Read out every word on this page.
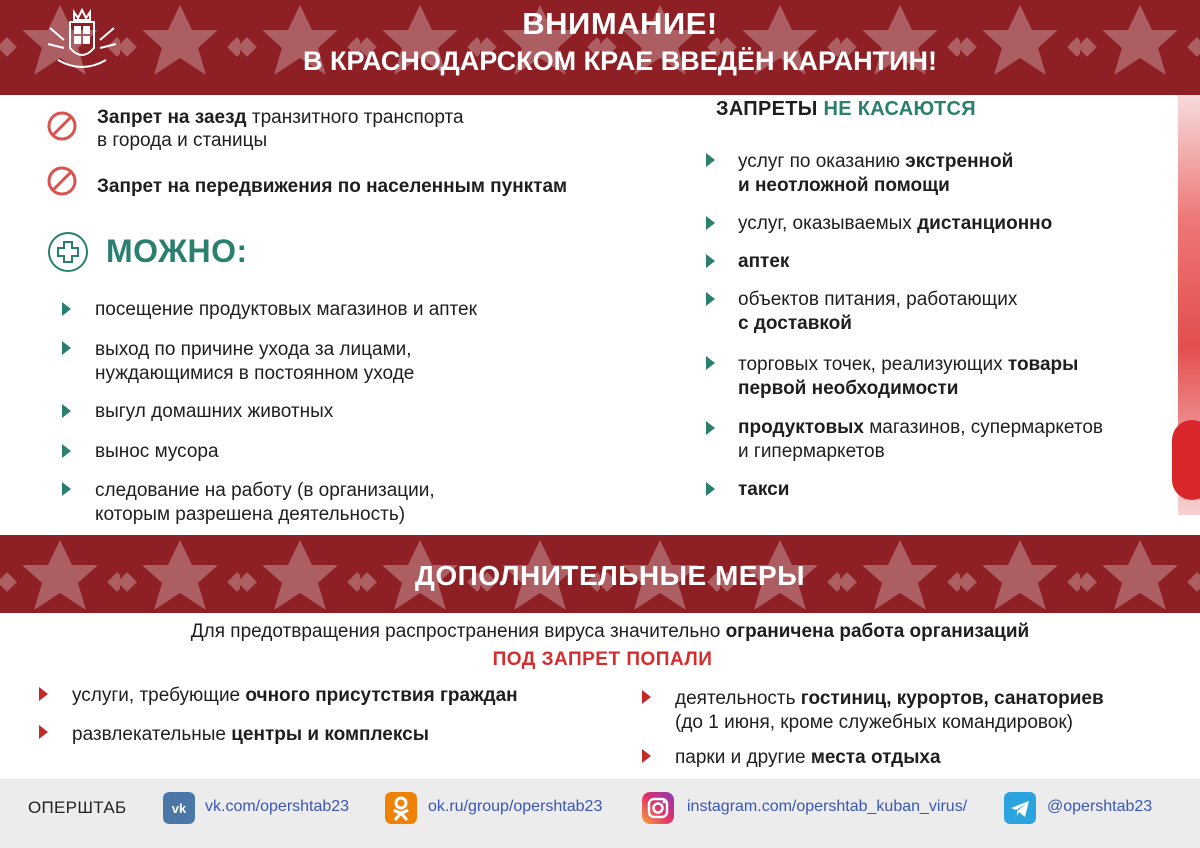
ВНИМАНИЕ!
В КРАСНОДАРСКОМ КРАЕ ВВЕДЁН КАРАНТИН!
Запрет на заезд транзитного транспорта
в города и станицы
Запрет на передвижения по населенным пунктам
МОЖНО:
посещение продуктовых магазинов и аптек
выход по причине ухода за лицами,
нуждающимися в постоянном уходе
выгул домашних животных
вынос мусора
следование на работу (в организации,
которым разрешена деятельность)
ЗАПРЕТЫ НЕ КАСАЮТСЯ
услуг по оказанию экстренной
и неотложной помощи
услуг, оказываемых дистанционно
аптек
объектов питания, работающих
с доставкой
торговых точек, реализующих товары
первой необходимости
продуктовых магазинов, супермаркетов
и гипермаркетов
такси
ДОПОЛНИТЕЛЬНЫЕ МЕРЫ
Для предотвращения распространения вируса значительно ограничена работа организаций
ПОД ЗАПРЕТ ПОПАЛИ
услуги, требующие очного присутствия граждан
развлекательные центры и комплексы
деятельность гостиниц, курортов, санаториев
(до 1 июня, кроме служебных командировок)
парки и другие места отдыха
ОПЕРШТАБ	vk vk.com/opershtab23	ok.ru/group/opershtab23	instagram.com/opershtab_kuban_virus/	@opershtab23
